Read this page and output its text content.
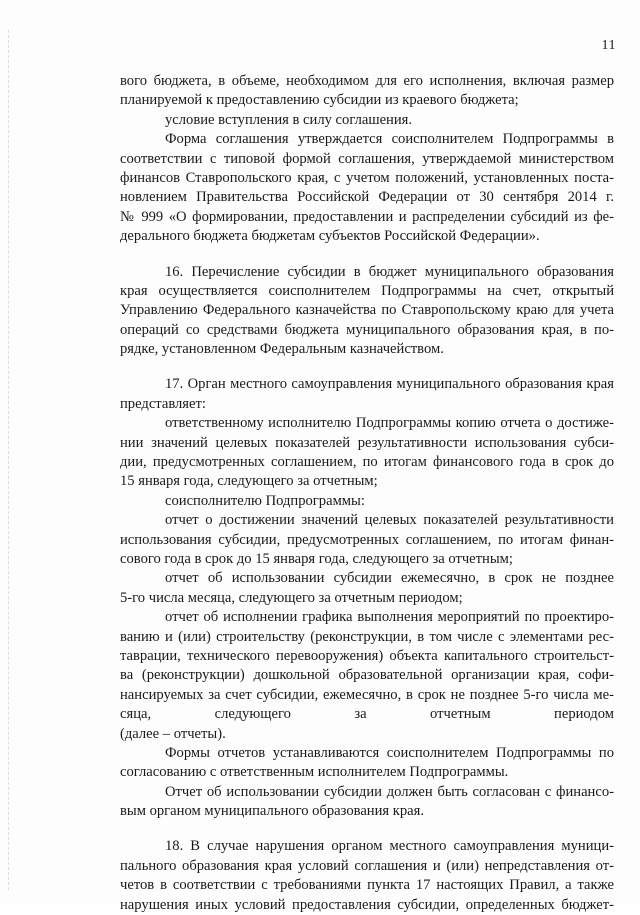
11
вого бюджета, в объеме, необходимом для его исполнения, включая размер
планируемой к предоставлению субсидии из краевого бюджета;
условие вступления в силу соглашения.
Форма соглашения утверждается соисполнителем Подпрограммы в
соответствии с типовой формой соглашения, утверждаемой министерством
финансов Ставропольского края, с учетом положений, установленных поста-
новлением Правительства Российской Федерации от 30 сентября 2014 г.
№ 999 «О формировании, предоставлении и распределении субсидий из фе-
дерального бюджета бюджетам субъектов Российской Федерации».
16. Перечисление субсидии в бюджет муниципального образования
края осуществляется соисполнителем Подпрограммы на счет, открытый
Управлению Федерального казначейства по Ставропольскому краю для учета
операций со средствами бюджета муниципального образования края, в по-
рядке, установленном Федеральным казначейством.
17. Орган местного самоуправления муниципального образования края
представляет:
ответственному исполнителю Подпрограммы копию отчета о достиже-
нии значений целевых показателей результативности использования субси-
дии, предусмотренных соглашением, по итогам финансового года в срок до
15 января года, следующего за отчетным;
соисполнителю Подпрограммы:
отчет о достижении значений целевых показателей результативности
использования субсидии, предусмотренных соглашением, по итогам финан-
сового года в срок до 15 января года, следующего за отчетным;
отчет об использовании субсидии ежемесячно, в срок не позднее
5-го числа месяца, следующего за отчетным периодом;
отчет об исполнении графика выполнения мероприятий по проектиро-
ванию и (или) строительству (реконструкции, в том числе с элементами рес-
таврации, технического перевооружения) объекта капитального строительст-
ва (реконструкции) дошкольной образовательной организации края, софи-
нансируемых за счет субсидии, ежемесячно, в срок не позднее 5-го числа ме-
сяца, следующего за отчетным периодом
(далее – отчеты).
Формы отчетов устанавливаются соисполнителем Подпрограммы по
согласованию с ответственным исполнителем Подпрограммы.
Отчет об использовании субсидии должен быть согласован с финансо-
вым органом муниципального образования края.
18. В случае нарушения органом местного самоуправления муници-
пального образования края условий соглашения и (или) непредставления от-
четов в соответствии с требованиями пункта 17 настоящих Правил, а также
нарушения иных условий предоставления субсидии, определенных бюджет-
